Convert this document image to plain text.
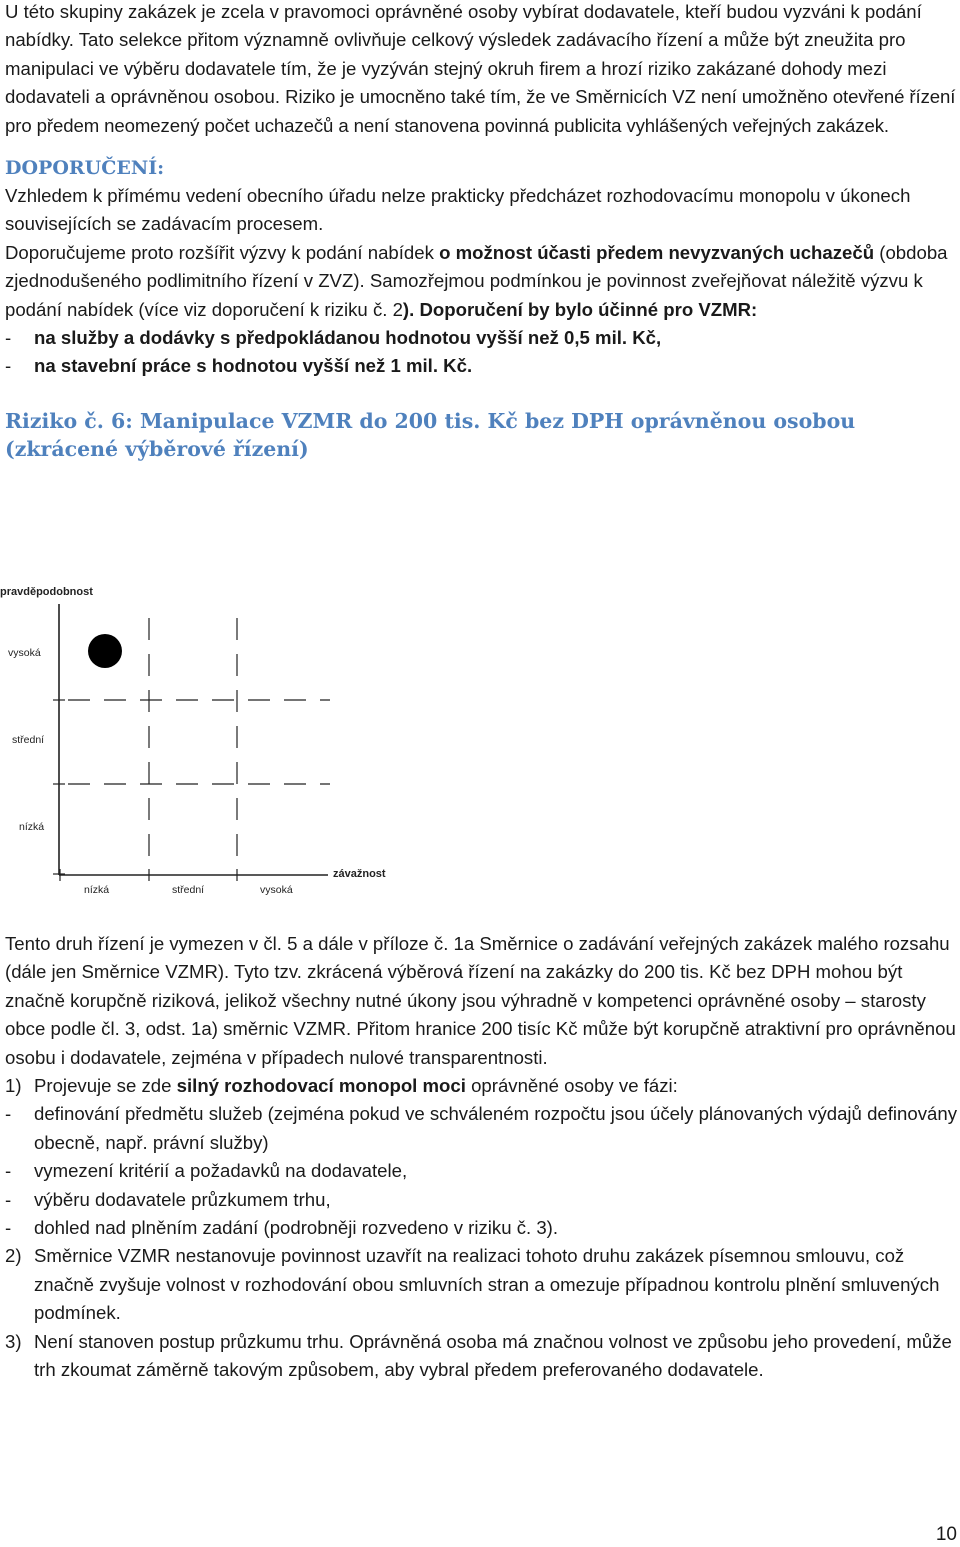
U této skupiny zakázek je zcela v pravomoci oprávněné osoby vybírat dodavatele, kteří budou vyzváni k podání nabídky. Tato selekce přitom významně ovlivňuje celkový výsledek zadávacího řízení a může být zneužita pro manipulaci ve výběru dodavatele tím, že je vyzýván stejný okruh firem a hrozí riziko zakázané dohody mezi dodavateli a oprávněnou osobou. Riziko je umocněno také tím, že ve Směrnicích VZ není umožněno otevřené řízení pro předem neomezený počet uchazečů a není stanovena povinná publicita vyhlášených veřejných zakázek.

DOPORUČENÍ:

Vzhledem k přímému vedení obecního úřadu nelze prakticky předcházet rozhodovacímu monopolu v úkonech souvisejících se zadávacím procesem.

Doporučujeme proto rozšířit výzvy k podání nabídek o možnost účasti předem nevyzvaných uchazečů (obdoba zjednodušeného podlimitního řízení v ZVZ). Samozřejmou podmínkou je povinnost zveřejňovat náležitě výzvu k podání nabídek (více viz doporučení k riziku č. 2). Doporučení by bylo účinné pro VZMR:

-	na služby a dodávky s předpokládanou hodnotou vyšší než 0,5 mil. Kč,
-	na stavební práce s hodnotou vyšší než 1 mil. Kč.

Riziko č. 6: Manipulace VZMR do 200 tis. Kč bez DPH oprávněnou osobou (zkrácené výběrové řízení)

pravděpodobnost
závažnost
nízká
střední
vysoká
nízká	střední	vysoká

Tento druh řízení je vymezen v čl. 5 a dále v příloze č. 1a Směrnice o zadávání veřejných zakázek malého rozsahu (dále jen Směrnice VZMR). Tyto tzv. zkrácená výběrová řízení na zakázky do 200 tis. Kč bez DPH mohou být značně korupčně riziková, jelikož všechny nutné úkony jsou výhradně v kompetenci oprávněné osoby – starosty obce podle čl. 3, odst. 1a) směrnic VZMR. Přitom hranice 200 tisíc Kč může být korupčně atraktivní pro oprávněnou osobu i dodavatele, zejména v případech nulové transparentnosti.

1) Projevuje se zde silný rozhodovací monopol moci oprávněné osoby ve fázi:
-	definování předmětu služeb (zejména pokud ve schváleném rozpočtu jsou účely plánovaných výdajů definovány obecně, např. právní služby)
-	vymezení kritérií a požadavků na dodavatele,
-	výběru dodavatele průzkumem trhu,
-	dohled nad plněním zadání (podrobněji rozvedeno v riziku č. 3).
2) Směrnice VZMR nestanovuje povinnost uzavřít na realizaci tohoto druhu zakázek písemnou smlouvu, což značně zvyšuje volnost v rozhodování obou smluvních stran a omezuje případnou kontrolu plnění smluvených podmínek.
3) Není stanoven postup průzkumu trhu. Oprávněná osoba má značnou volnost ve způsobu jeho provedení, může trh zkoumat záměrně takovým způsobem, aby vybral předem preferovaného dodavatele.
10
